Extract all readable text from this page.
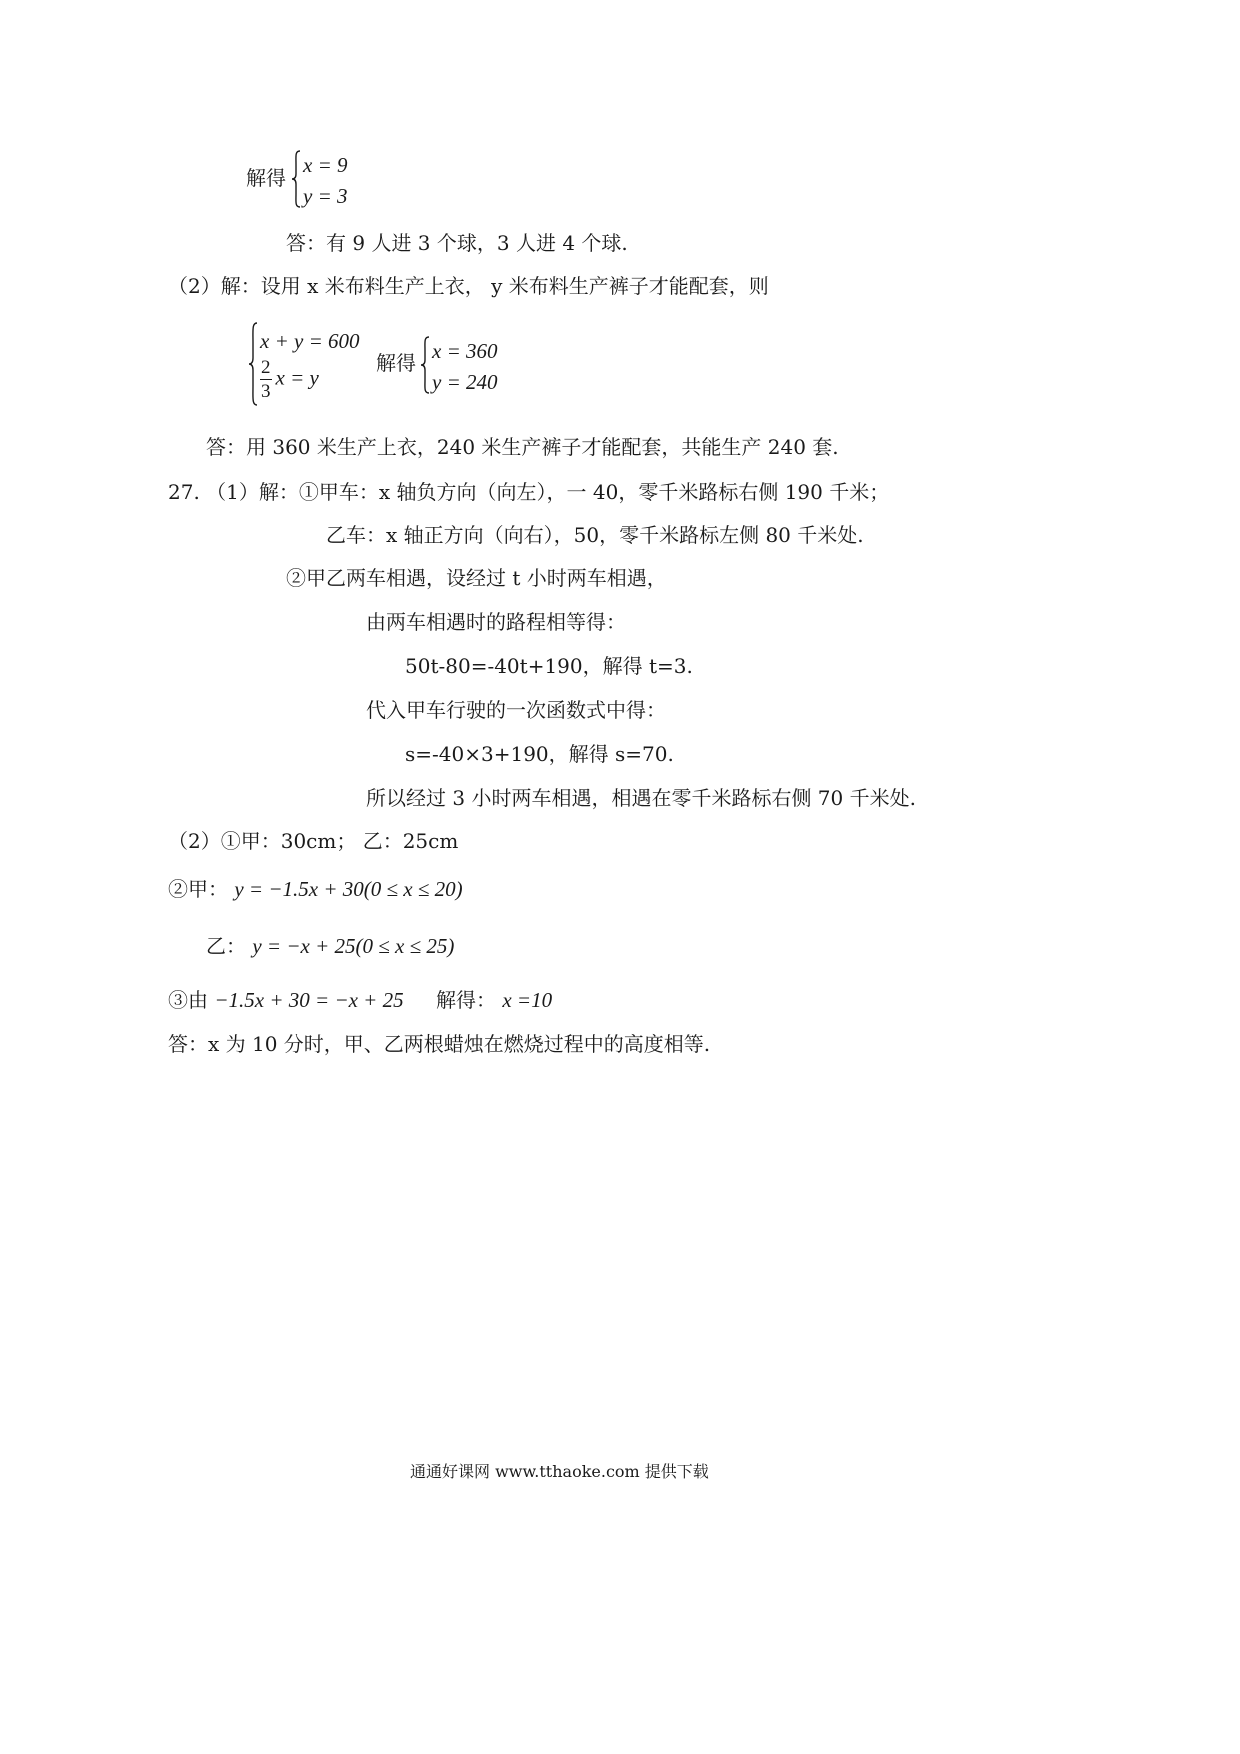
解得
x = 9
y = 3
答：有 9 人进 3 个球，3 人进 4 个球.
（2）解：设用 x 米布料生产上衣， y 米布料生产裤子才能配套，则
x + y = 600
$\frac{2}{3}$ x = y
解得 x = 360
y = 240
答：用 360 米生产上衣，240 米生产裤子才能配套，共能生产 240 套.
27. （1）解：①甲车：x 轴负方向（向左），一 40，零千米路标右侧 190 千米；
乙车：x 轴正方向（向右），50，零千米路标左侧 80 千米处.
②甲乙两车相遇，设经过 t 小时两车相遇，
由两车相遇时的路程相等得：
50t-80=-40t+190，解得 t=3.
代入甲车行驶的一次函数式中得：
s=-40×3+190，解得 s=70.
所以经过 3 小时两车相遇，相遇在零千米路标右侧 70 千米处.
（2）①甲：30cm； 乙：25cm
②甲： y = −1.5x + 30(0 ≤ x ≤ 20)
乙： y = −x + 25(0 ≤ x ≤ 25)
③由 −1.5x + 30 = −x + 25 解得： x =10
答：x 为 10 分时，甲、乙两根蜡烛在燃烧过程中的高度相等.
通通好课网 www.tthaoke.com 提供下载
